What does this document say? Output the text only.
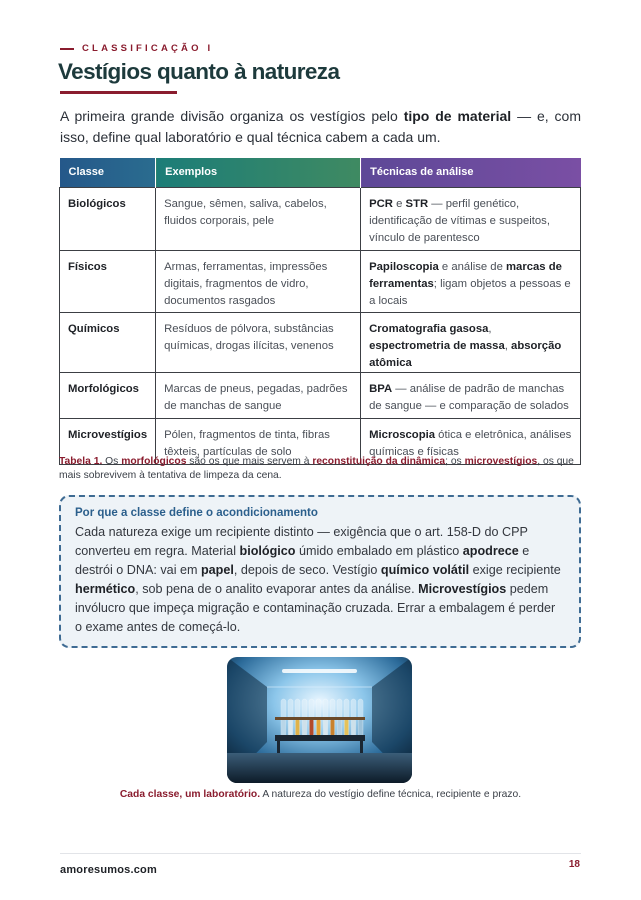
CLASSIFICAÇÃO I
Vestígios quanto à natureza

A primeira grande divisão organiza os vestígios pelo tipo de material — e, com isso, define qual laboratório e qual técnica cabem a cada um.

Classe	Exemplos	Técnicas de análise
Biológicos	Sangue, sêmen, saliva, cabelos, fluidos corporais, pele	PCR e STR — perfil genético, identificação de vítimas e suspeitos, vínculo de parentesco
Físicos	Armas, ferramentas, impressões digitais, fragmentos de vidro, documentos rasgados	Papiloscopia e análise de marcas de ferramentas; ligam objetos a pessoas e a locais
Químicos	Resíduos de pólvora, substâncias químicas, drogas ilícitas, venenos	Cromatografia gasosa, espectrometria de massa, absorção atômica
Morfológicos	Marcas de pneus, pegadas, padrões de manchas de sangue	BPA — análise de padrão de manchas de sangue — e comparação de solados
Microvestígios	Pólen, fragmentos de tinta, fibras têxteis, partículas de solo	Microscopia ótica e eletrônica, análises químicas e físicas

Tabela 1. Os morfológicos são os que mais servem à reconstituição da dinâmica; os microvestígios, os que mais sobrevivem à tentativa de limpeza da cena.

Por que a classe define o acondicionamento

Cada natureza exige um recipiente distinto — exigência que o art. 158-D do CPP converteu em regra. Material biológico úmido embalado em plástico apodrece e destrói o DNA: vai em papel, depois de seco. Vestígio químico volátil exige recipiente hermético, sob pena de o analito evaporar antes da análise. Microvestígios pedem invólucro que impeça migração e contaminação cruzada. Errar a embalagem é perder o exame antes de começá-lo.

Cada classe, um laboratório. A natureza do vestígio define técnica, recipiente e prazo.

amoresumos.com	18
